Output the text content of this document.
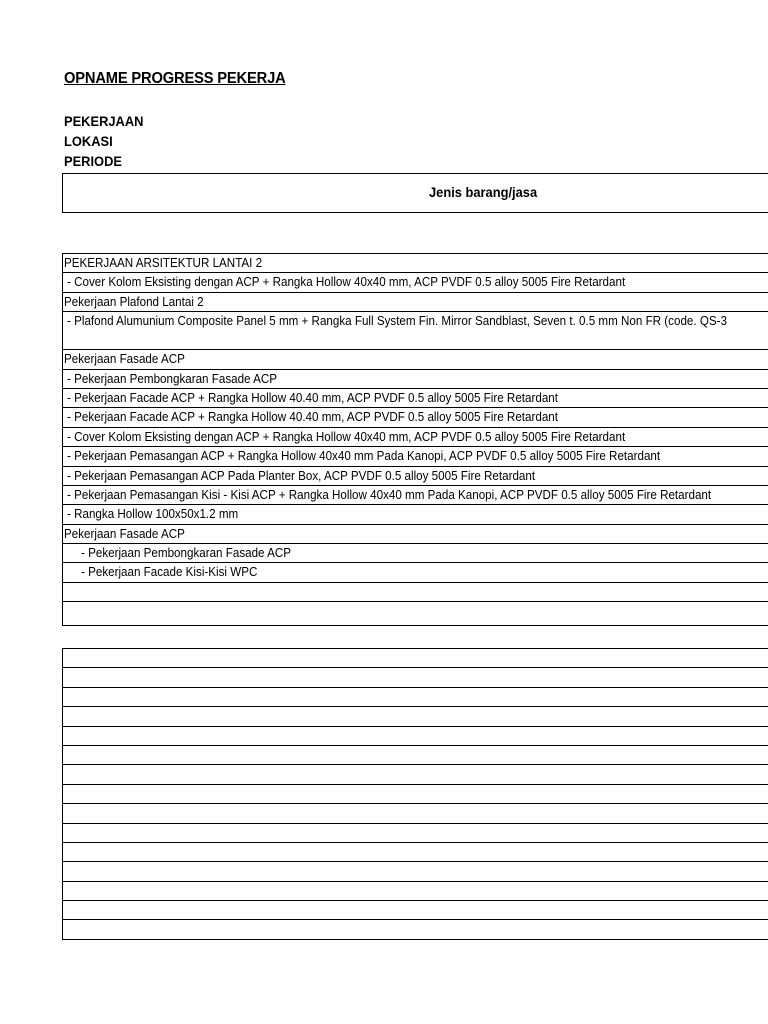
OPNAME PROGRESS PEKERJA
PEKERJAAN
LOKASI
PERIODE
Jenis barang/jasa
PEKERJAAN ARSITEKTUR LANTAI 2
- Cover Kolom Eksisting dengan ACP + Rangka Hollow 40x40 mm, ACP PVDF 0.5 alloy 5005 Fire Retardant
Pekerjaan Plafond Lantai 2
- Plafond Alumunium Composite Panel 5 mm + Rangka Full System Fin. Mirror Sandblast, Seven t. 0.5 mm Non FR (code. QS-3
Pekerjaan Fasade ACP
- Pekerjaan Pembongkaran Fasade ACP
- Pekerjaan Facade ACP + Rangka Hollow 40.40 mm, ACP PVDF 0.5 alloy 5005 Fire Retardant
- Pekerjaan Facade ACP + Rangka Hollow 40.40 mm, ACP PVDF 0.5 alloy 5005 Fire Retardant
- Cover Kolom Eksisting dengan ACP + Rangka Hollow 40x40 mm, ACP PVDF 0.5 alloy 5005 Fire Retardant
- Pekerjaan Pemasangan ACP + Rangka Hollow 40x40 mm Pada Kanopi, ACP PVDF 0.5 alloy 5005 Fire Retardant
- Pekerjaan Pemasangan ACP Pada Planter Box, ACP PVDF 0.5 alloy 5005 Fire Retardant
- Pekerjaan Pemasangan Kisi - Kisi ACP + Rangka Hollow 40x40 mm Pada Kanopi, ACP PVDF 0.5 alloy 5005 Fire Retardant
- Rangka Hollow 100x50x1.2 mm
Pekerjaan Fasade ACP
- Pekerjaan Pembongkaran Fasade ACP
- Pekerjaan Facade Kisi-Kisi WPC
